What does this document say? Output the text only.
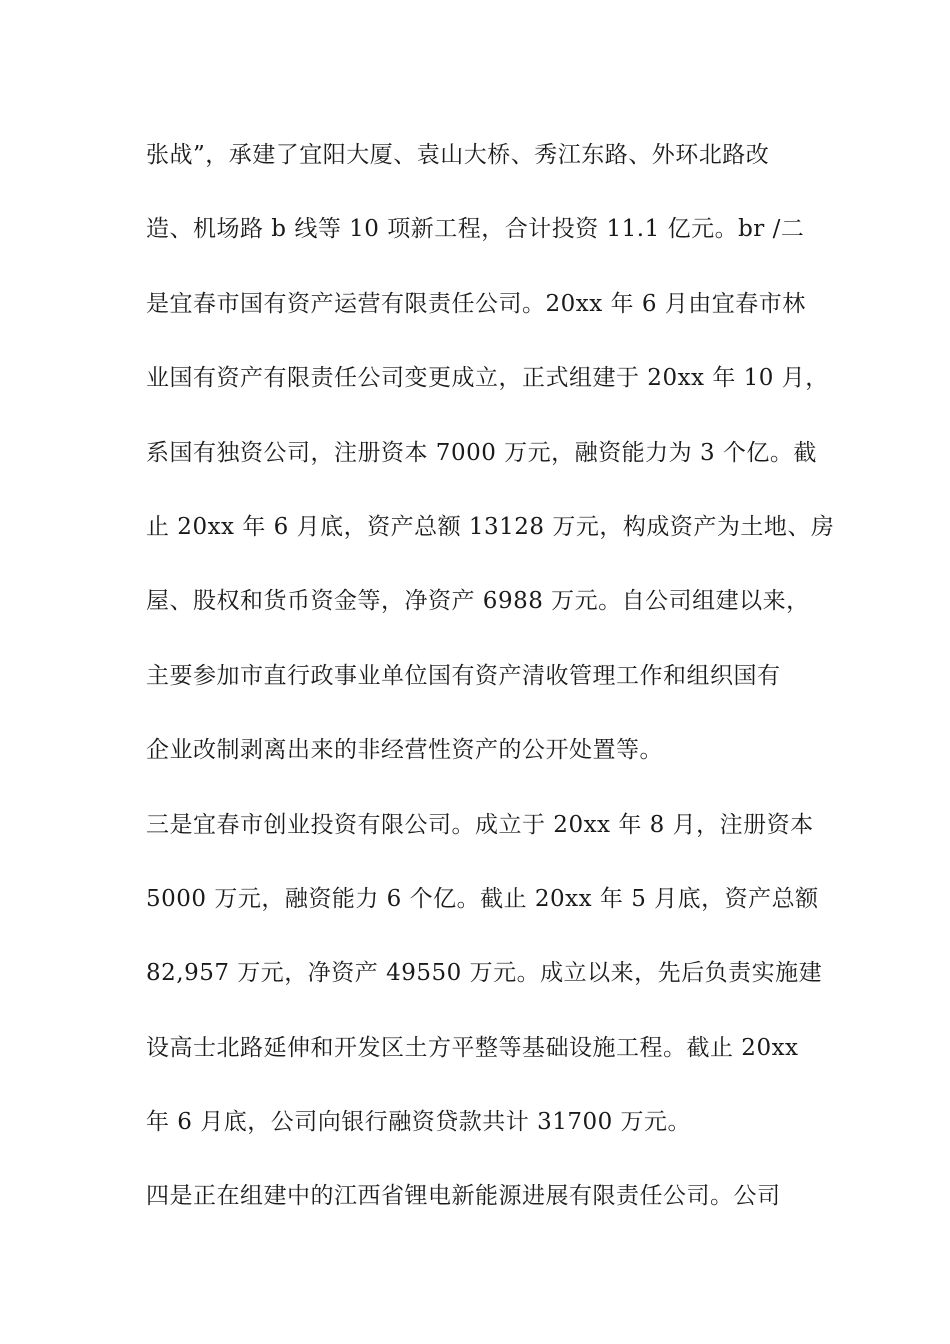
张战”，承建了宜阳大厦、袁山大桥、秀江东路、外环北路改
造、机场路 b 线等 10 项新工程，合计投资 11.1 亿元。br /二
是宜春市国有资产运营有限责任公司。20xx 年 6 月由宜春市林
业国有资产有限责任公司变更成立，正式组建于 20xx 年 10 月，
系国有独资公司，注册资本 7000 万元，融资能力为 3 个亿。截
止 20xx 年 6 月底，资产总额 13128 万元，构成资产为土地、房
屋、股权和货币资金等，净资产 6988 万元。自公司组建以来，
主要参加市直行政事业单位国有资产清收管理工作和组织国有
企业改制剥离出来的非经营性资产的公开处置等。
三是宜春市创业投资有限公司。成立于 20xx 年 8 月，注册资本
5000 万元，融资能力 6 个亿。截止 20xx 年 5 月底，资产总额
82,957 万元，净资产 49550 万元。成立以来，先后负责实施建
设高士北路延伸和开发区土方平整等基础设施工程。截止 20xx
年 6 月底，公司向银行融资贷款共计 31700 万元。
四是正在组建中的江西省锂电新能源进展有限责任公司。公司
